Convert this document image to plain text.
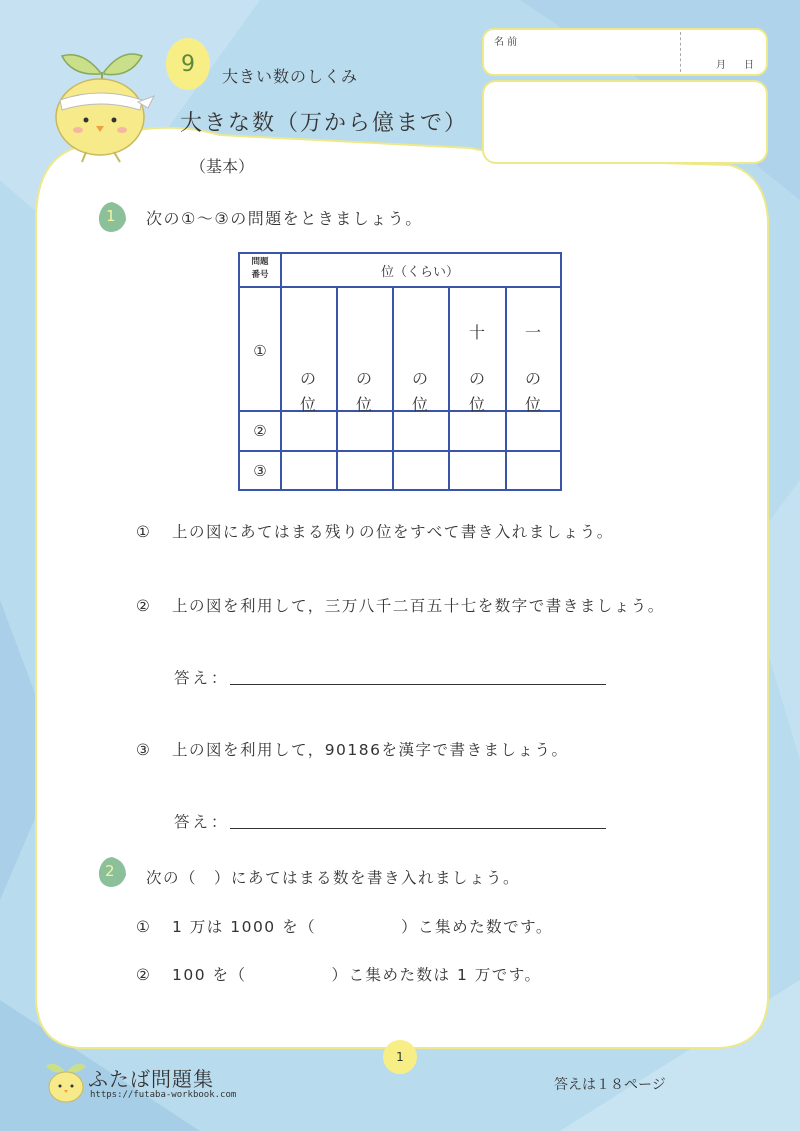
9 大きい数のしくみ
大きな数（万から億まで）
（基本）
名 前
月 日
1 次の①～③の問題をときましょう。
問題
番号	位（くらい）
①
②
③
の
位
の
位
の
位
十
の
位
一
の
位
① 上の図にあてはまる残りの位をすべて書き入れましょう。
② 上の図を利用して，三万八千二百五十七を数字で書きましょう。
答え：
③ 上の図を利用して，90186を漢字で書きましょう。
答え：
2 次の（　）にあてはまる数を書き入れましょう。
① 1 万は 1000 を（　　　　　）こ集めた数です。
② 100 を（　　　　　）こ集めた数は 1 万です。
1
ふたば問題集
https://futaba-workbook.com
答えは１８ページ
